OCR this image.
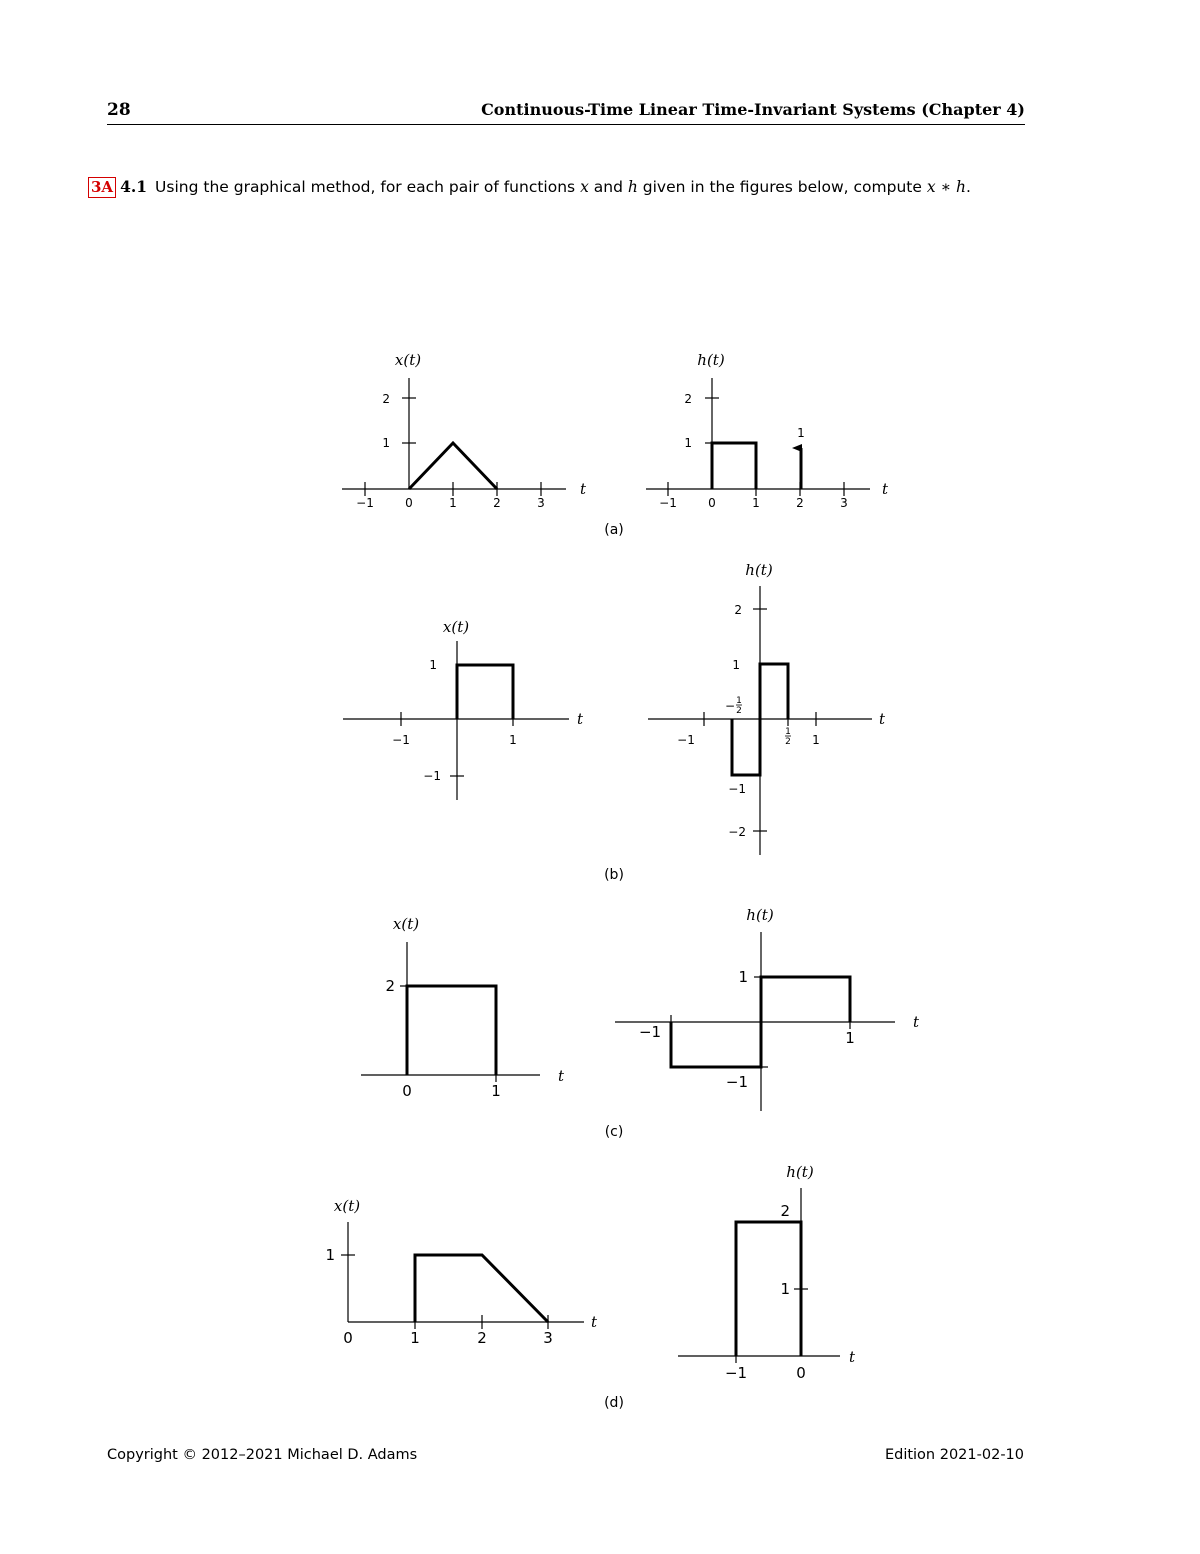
28	Continuous-Time Linear Time-Invariant Systems (Chapter 4)
3A 4.1 Using the graphical method, for each pair of functions x and h given in the figures below, compute x ∗ h.
−1	0	1	2	3
1
2
t
x(t)
1
−1	0	1	2	3
1
2
t
h(t)
(a)
−1	1
1
−1
t
x(t)
−1	1
2
1
−1
−2
− 1
2
1
2
t
h(t)
(b)
0	1
2
t
x(t)
−1	1
1
−1
t
h(t)
(c)
0	1	2	3
1
t
x(t)
−1	0
2
1
t
h(t)
(d)
Copyright © 2012–2021 Michael D. Adams	Edition 2021-02-10
